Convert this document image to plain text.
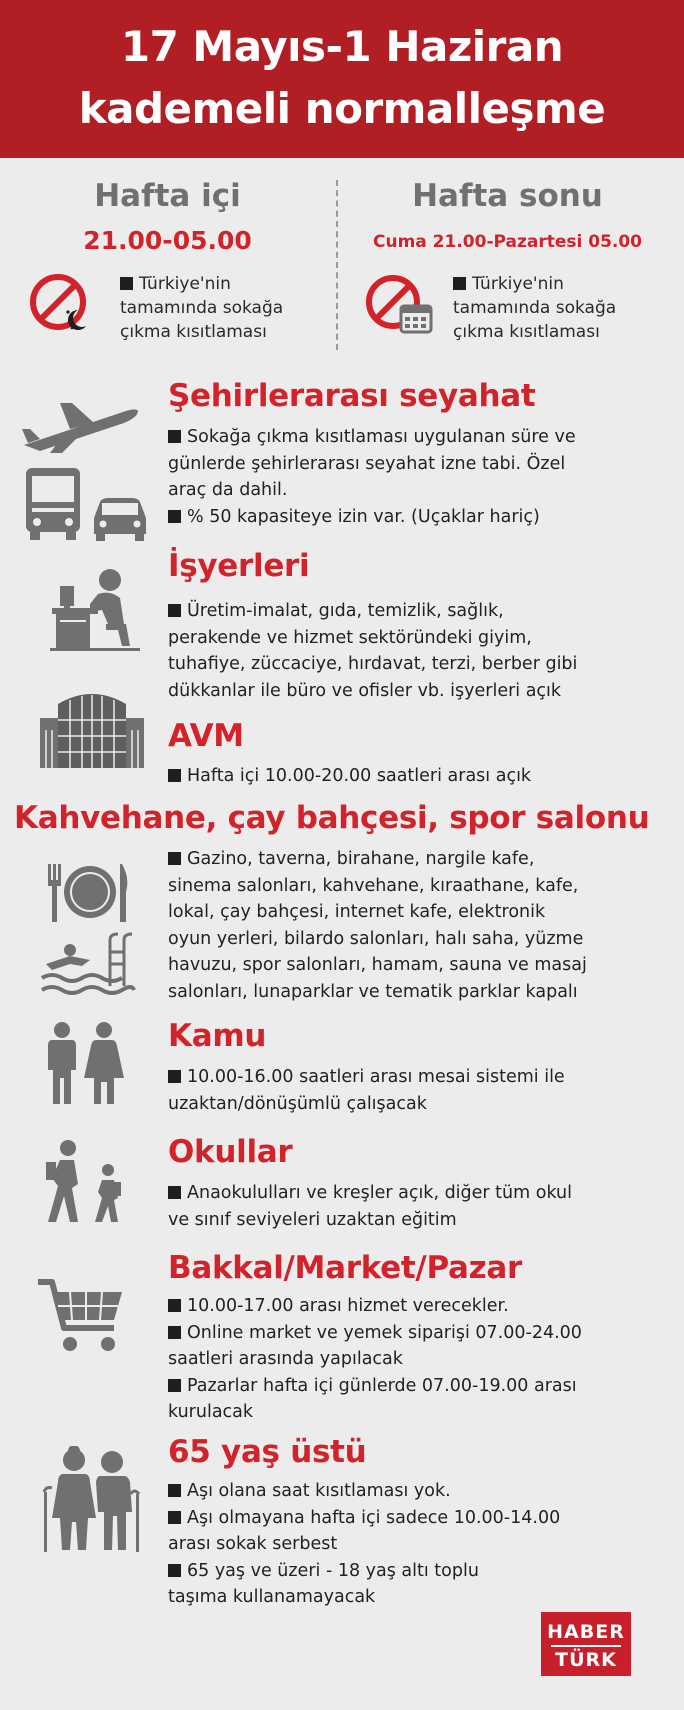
17 Mayıs-1 Haziran
kademeli normalleşme
Hafta içi
21.00-05.00
Türkiye'nin
tamamında sokağa
çıkma kısıtlaması
Hafta sonu
Cuma 21.00-Pazartesi 05.00
Türkiye'nin
tamamında sokağa
çıkma kısıtlaması
Şehirlerarası seyahat
Sokağa çıkma kısıtlaması uygulanan süre ve
günlerde şehirlerarası seyahat izne tabi. Özel
araç da dahil.
% 50 kapasiteye izin var. (Uçaklar hariç)
İşyerleri
Üretim-imalat, gıda, temizlik, sağlık,
perakende ve hizmet sektöründeki giyim,
tuhafiye, züccaciye, hırdavat, terzi, berber gibi
dükkanlar ile büro ve ofisler vb. işyerleri açık
AVM
Hafta içi 10.00-20.00 saatleri arası açık
Kahvehane, çay bahçesi, spor salonu
Gazino, taverna, birahane, nargile kafe,
sinema salonları, kahvehane, kıraathane, kafe,
lokal, çay bahçesi, internet kafe, elektronik
oyun yerleri, bilardo salonları, halı saha, yüzme
havuzu, spor salonları, hamam, sauna ve masaj
salonları, lunaparklar ve tematik parklar kapalı
Kamu
10.00-16.00 saatleri arası mesai sistemi ile
uzaktan/dönüşümlü çalışacak
Okullar
Anaokululları ve kreşler açık, diğer tüm okul
ve sınıf seviyeleri uzaktan eğitim
Bakkal/Market/Pazar
10.00-17.00 arası hizmet verecekler.
Online market ve yemek siparişi 07.00-24.00
saatleri arasında yapılacak
Pazarlar hafta içi günlerde 07.00-19.00 arası
kurulacak
65 yaş üstü
Aşı olana saat kısıtlaması yok.
Aşı olmayana hafta içi sadece 10.00-14.00
arası sokak serbest
65 yaş ve üzeri - 18 yaş altı toplu
taşıma kullanamayacak
HABER
TÜRK
